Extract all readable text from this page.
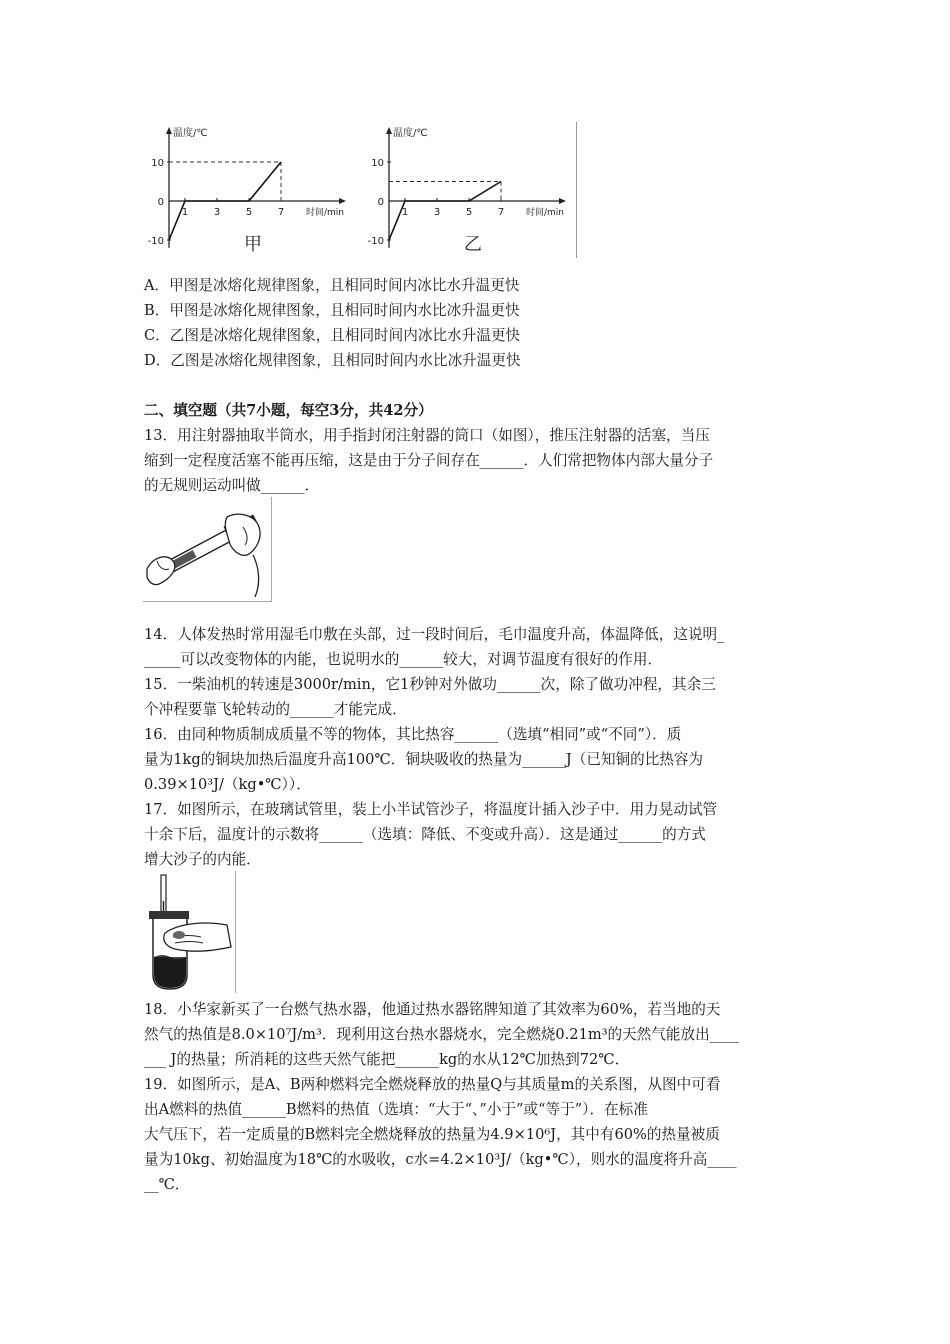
温度/℃
时间/min
10
0
-10
1	3	5	7
甲
温度/℃
时间/min
10
0
-10
1	3	5	7
乙
A．甲图是冰熔化规律图象，且相同时间内冰比水升温更快
B．甲图是冰熔化规律图象，且相同时间内水比冰升温更快
C．乙图是冰熔化规律图象，且相同时间内冰比水升温更快
D．乙图是冰熔化规律图象，且相同时间内水比冰升温更快
二、填空题（共7小题，每空3分，共42分）
13．用注射器抽取半筒水，用手指封闭注射器的筒口（如图），推压注射器的活塞，当压
缩到一定程度活塞不能再压缩，这是由于分子间存在______．人们常把物体内部大量分子
的无规则运动叫做______．
14．人体发热时常用湿毛巾敷在头部，过一段时间后，毛巾温度升高，体温降低，这说明_
_____可以改变物体的内能，也说明水的______较大，对调节温度有很好的作用．
15．一柴油机的转速是3000r/min，它1秒钟对外做功______次，除了做功冲程，其余三
个冲程要靠飞轮转动的______才能完成．
16．由同种物质制成质量不等的物体，其比热容______（选填“相同”或“不同”）．质
量为1kg的铜块加热后温度升高100℃．铜块吸收的热量为______J（已知铜的比热容为
0.39×10³J/（kg•℃））．
17．如图所示，在玻璃试管里，装上小半试管沙子，将温度计插入沙子中．用力晃动试管
十余下后，温度计的示数将______（选填：降低、不变或升高）．这是通过______的方式
增大沙子的内能．
18．小华家新买了一台燃气热水器，他通过热水器铭牌知道了其效率为60%，若当地的天
然气的热值是8.0×10⁷J/m³．现利用这台热水器烧水，完全燃烧0.21m³的天然气能放出____
___ J的热量；所消耗的这些天然气能把______kg的水从12℃加热到72℃．
19．如图所示，是A、B两种燃料完全燃烧释放的热量Q与其质量m的关系图，从图中可看
出A燃料的热值______B燃料的热值（选填：“大于“、”小于”或“等于”）．在标准
大气压下，若一定质量的B燃料完全燃烧释放的热量为4.9×10⁶J，其中有60%的热量被质
量为10kg、初始温度为18℃的水吸收，c水=4.2×10³J/（kg•℃），则水的温度将升高____
__℃．
